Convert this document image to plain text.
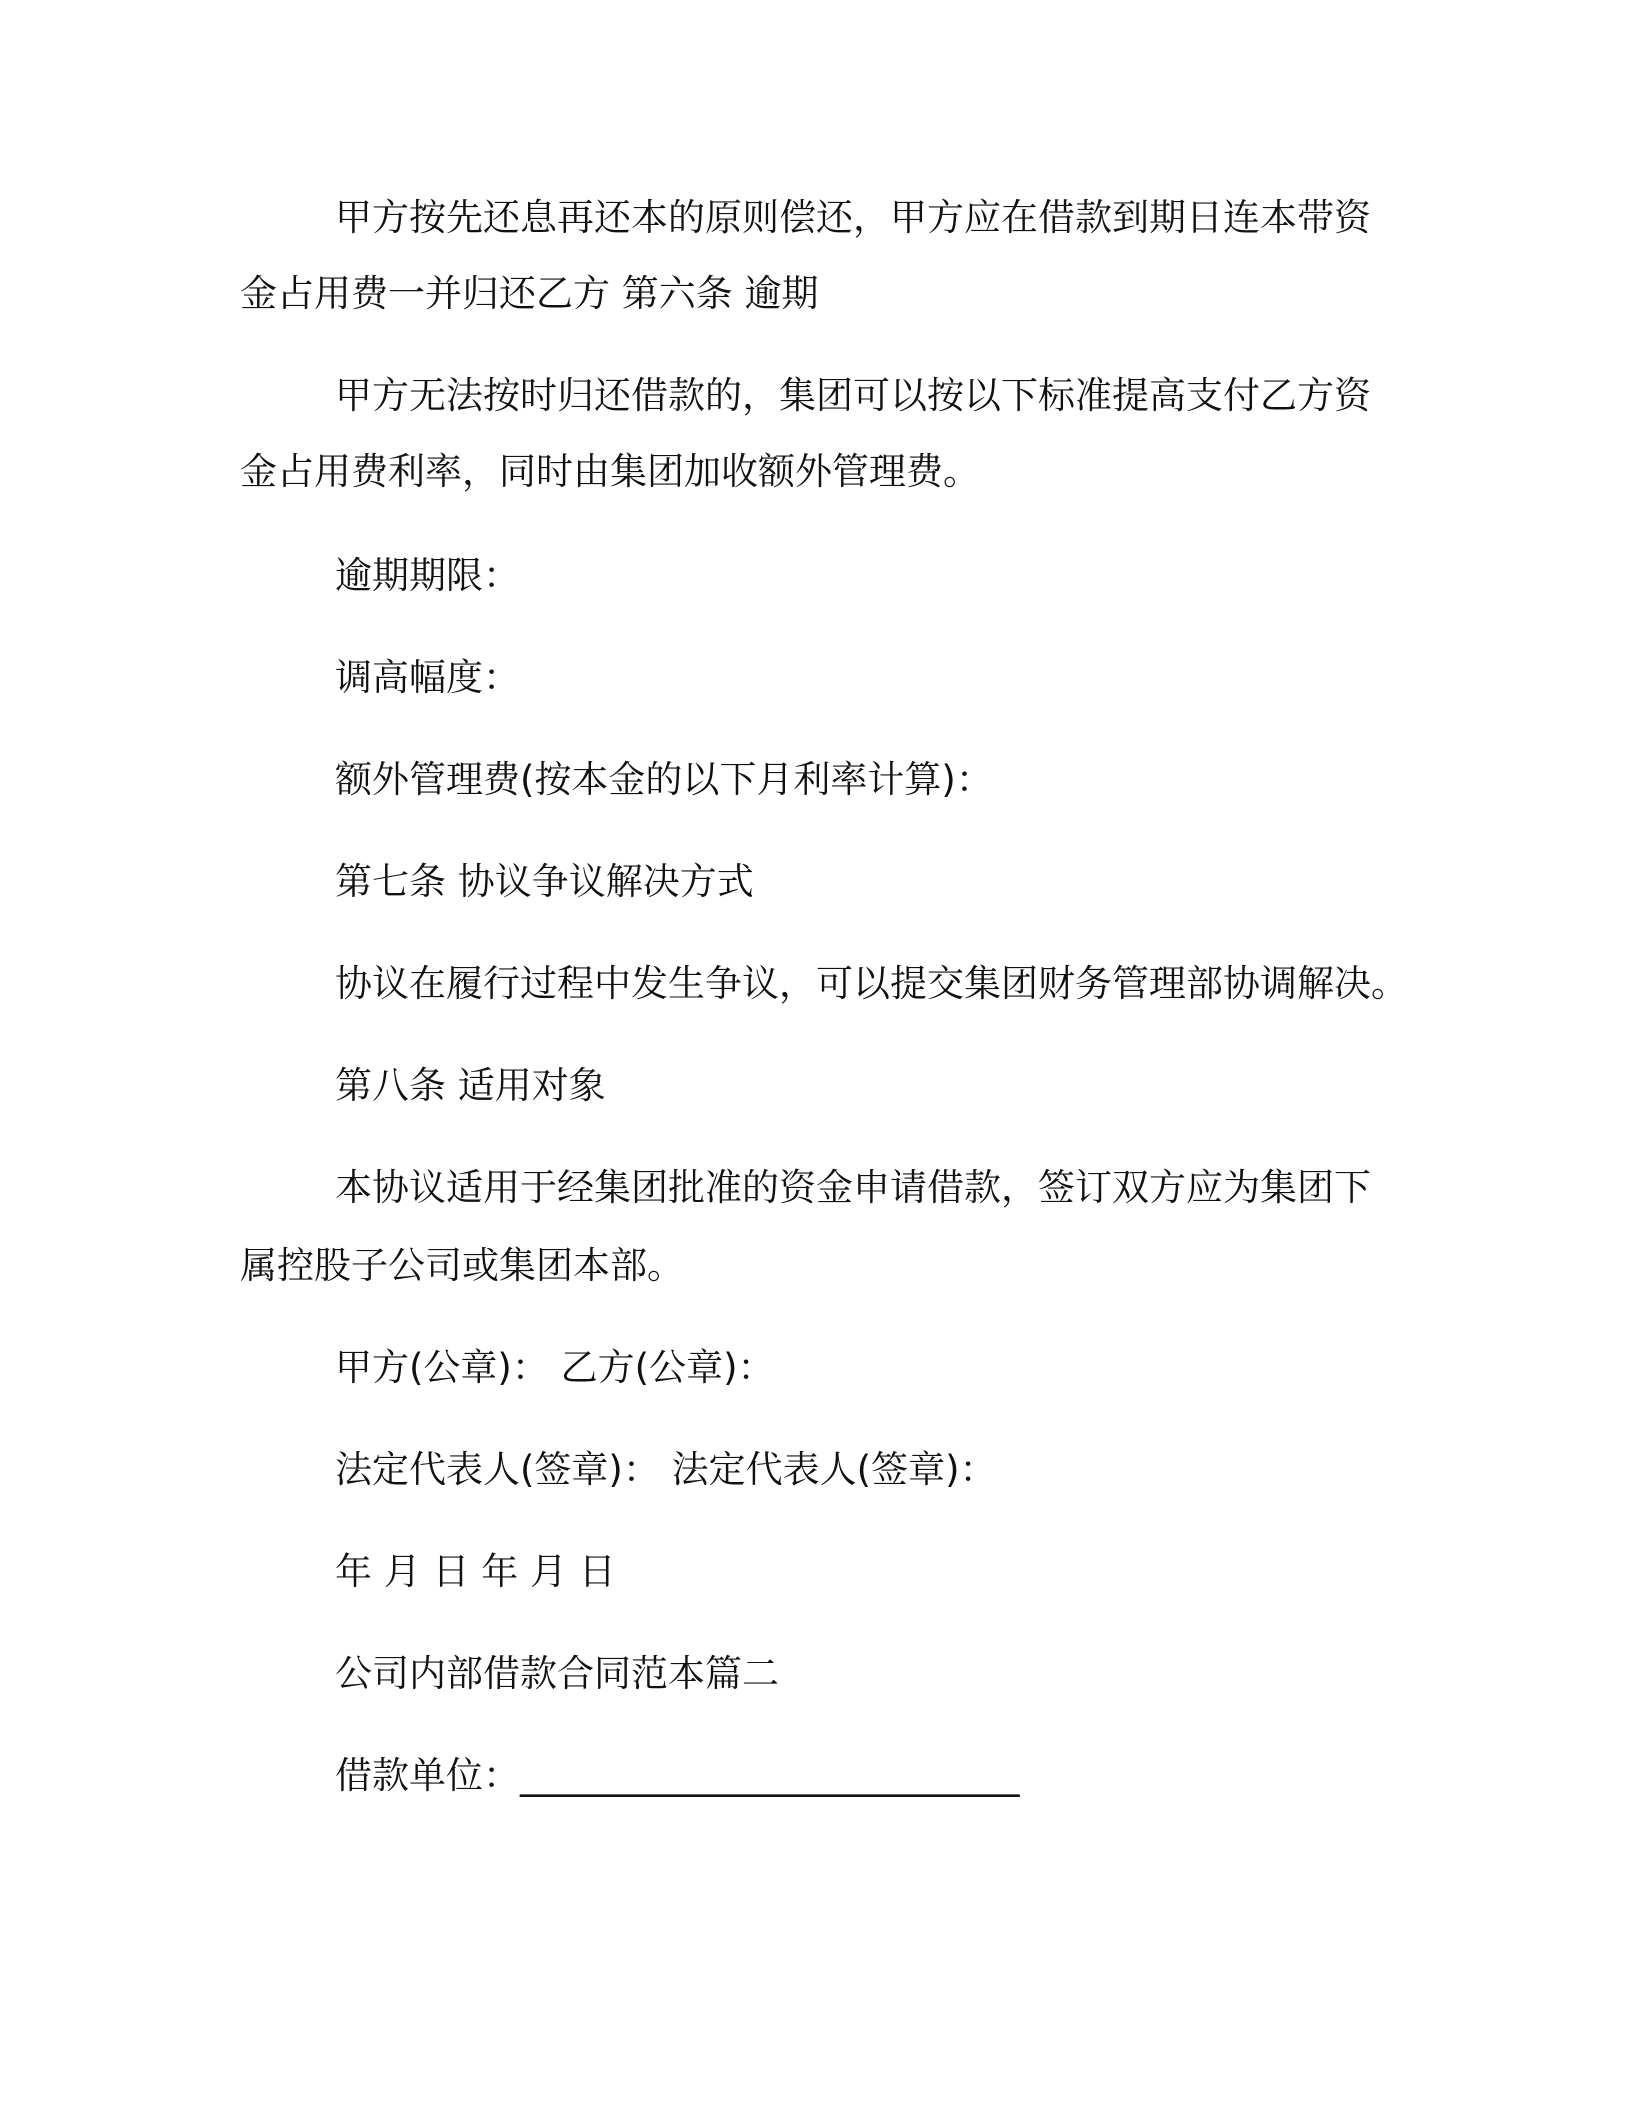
甲方按先还息再还本的原则偿还，甲方应在借款到期日连本带资
金占用费一并归还乙方 第六条 逾期
甲方无法按时归还借款的，集团可以按以下标准提高支付乙方资
金占用费利率，同时由集团加收额外管理费。
逾期期限：
调高幅度：
额外管理费(按本金的以下月利率计算)：
第七条 协议争议解决方式
协议在履行过程中发生争议，可以提交集团财务管理部协调解决。
第八条 适用对象
本协议适用于经集团批准的资金申请借款，签订双方应为集团下
属控股子公司或集团本部。
甲方(公章)： 乙方(公章)：
法定代表人(签章)： 法定代表人(签章)：
年 月 日 年 月 日
公司内部借款合同范本篇二
借款单位：___________________________
